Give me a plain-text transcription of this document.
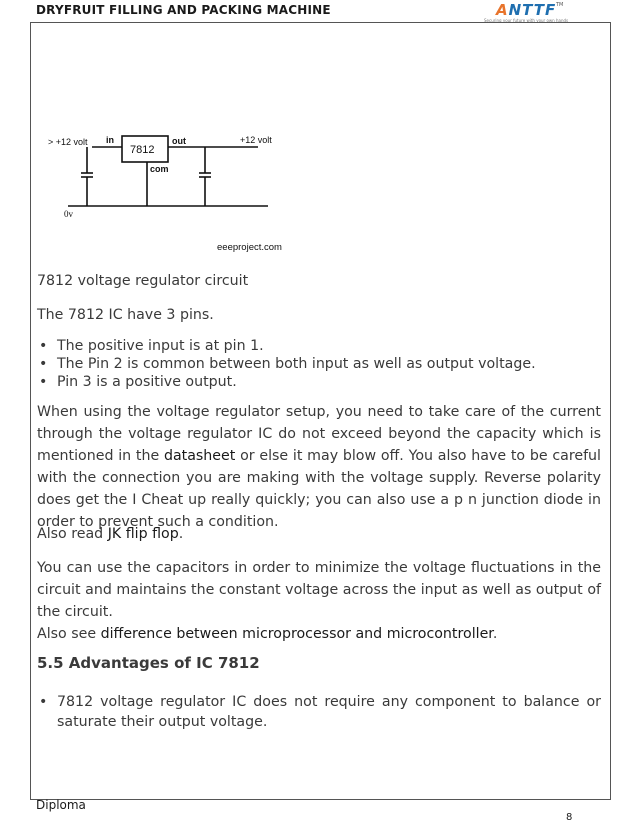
DRYFRUIT FILLING AND PACKING MACHINE	ANTTF TM
Securing your future with your own hands
> +12 volt in
7812
out	+12 volt
com
0v
eeeproject.com

7812 voltage regulator circuit

The 7812 IC have 3 pins.

• The positive input is at pin 1.
• The Pin 2 is common between both input as well as output voltage.
• Pin 3 is a positive output.

When using the voltage regulator setup, you need to take care of the current through the voltage regulator IC do not exceed beyond the capacity which is mentioned in the datasheet or else it may blow off. You also have to be careful with the connection you are making with the voltage supply. Reverse polarity does get the I Cheat up really quickly; you can also use a p n junction diode in order to prevent such a condition.

Also read JK flip flop.

You can use the capacitors in order to minimize the voltage fluctuations in the circuit and maintains the constant voltage across the input as well as output of the circuit.

Also see difference between microprocessor and microcontroller.

5.5 Advantages of IC 7812
• 7812 voltage regulator IC does not require any component to balance or saturate their output voltage.
Diploma
8
